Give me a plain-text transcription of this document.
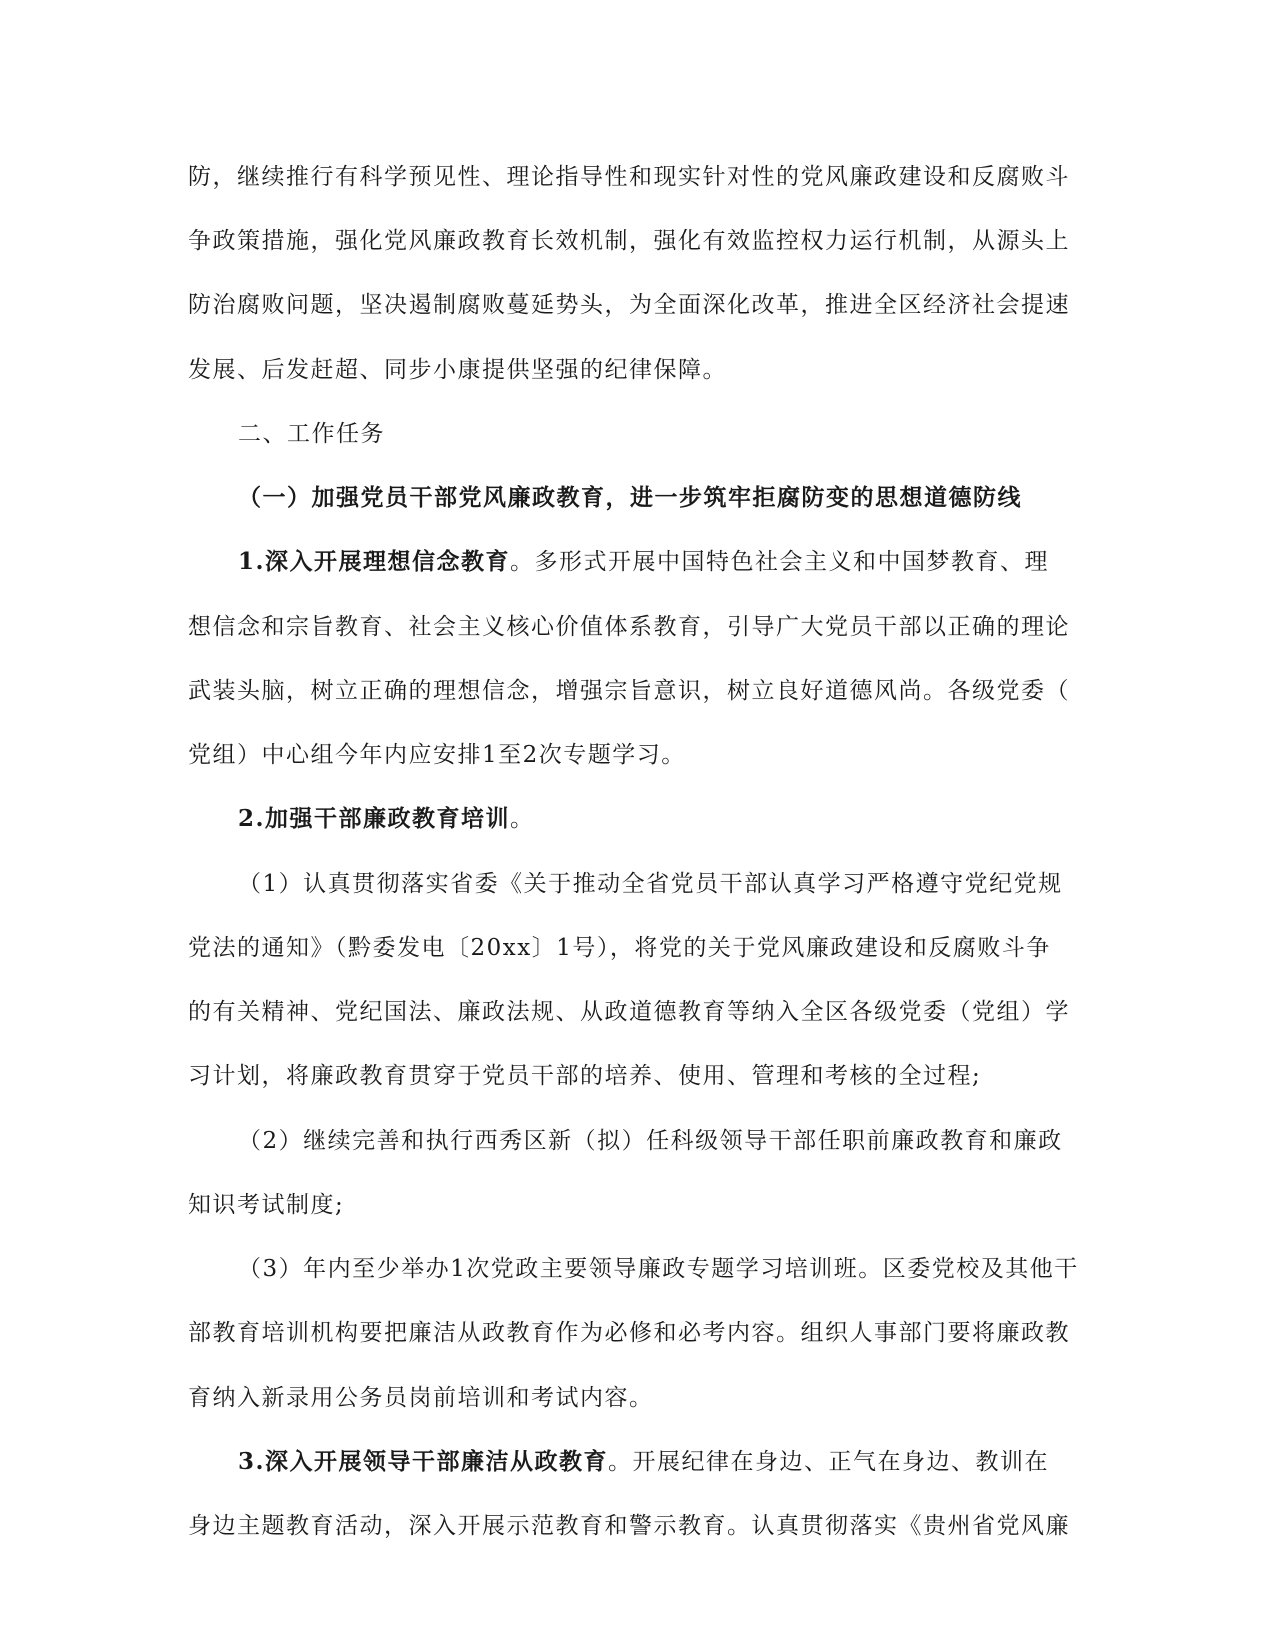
防，继续推行有科学预见性、理论指导性和现实针对性的党风廉政建设和反腐败斗
争政策措施，强化党风廉政教育长效机制，强化有效监控权力运行机制，从源头上
防治腐败问题，坚决遏制腐败蔓延势头，为全面深化改革，推进全区经济社会提速
发展、后发赶超、同步小康提供坚强的纪律保障。
二、工作任务
（一）加强党员干部党风廉政教育，进一步筑牢拒腐防变的思想道德防线
1.深入开展理想信念教育。多形式开展中国特色社会主义和中国梦教育、理
想信念和宗旨教育、社会主义核心价值体系教育，引导广大党员干部以正确的理论
武装头脑，树立正确的理想信念，增强宗旨意识，树立良好道德风尚。各级党委（
党组）中心组今年内应安排1至2次专题学习。
2.加强干部廉政教育培训。
（1）认真贯彻落实省委《关于推动全省党员干部认真学习严格遵守党纪党规
党法的通知》（黔委发电〔20xx〕1号），将党的关于党风廉政建设和反腐败斗争
的有关精神、党纪国法、廉政法规、从政道德教育等纳入全区各级党委（党组）学
习计划，将廉政教育贯穿于党员干部的培养、使用、管理和考核的全过程;
（2）继续完善和执行西秀区新（拟）任科级领导干部任职前廉政教育和廉政
知识考试制度;
（3）年内至少举办1次党政主要领导廉政专题学习培训班。区委党校及其他干
部教育培训机构要把廉洁从政教育作为必修和必考内容。组织人事部门要将廉政教
育纳入新录用公务员岗前培训和考试内容。
3.深入开展领导干部廉洁从政教育。开展纪律在身边、正气在身边、教训在
身边主题教育活动，深入开展示范教育和警示教育。认真贯彻落实《贵州省党风廉
